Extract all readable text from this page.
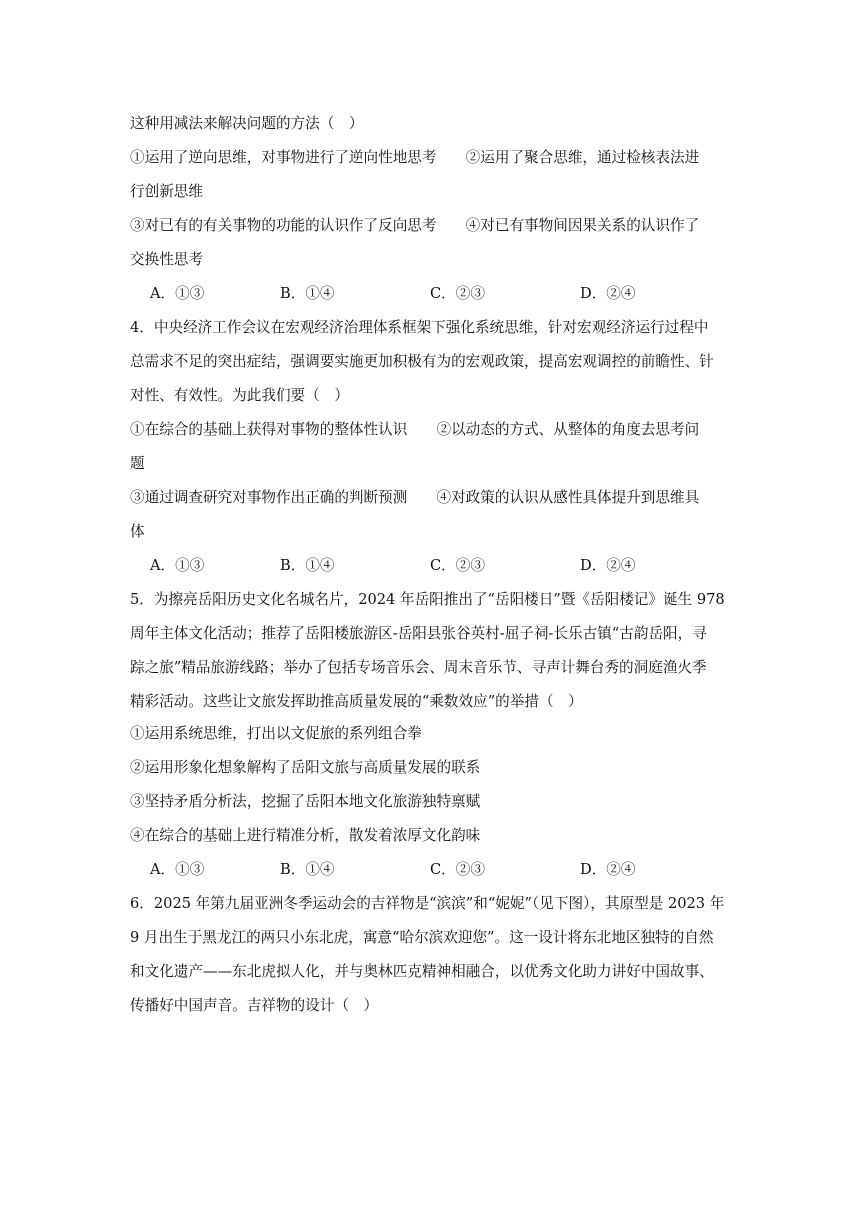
这种用减法来解决问题的方法（　）
①运用了逆向思维，对事物进行了逆向性地思考　　②运用了聚合思维，通过检核表法进
行创新思维
③对已有的有关事物的功能的认识作了反向思考　　④对已有事物间因果关系的认识作了
交换性思考
A．①③	B．①④	C．②③	D．②④
4．中央经济工作会议在宏观经济治理体系框架下强化系统思维，针对宏观经济运行过程中
总需求不足的突出症结，强调要实施更加积极有为的宏观政策，提高宏观调控的前瞻性、针
对性、有效性。为此我们要（　）
①在综合的基础上获得对事物的整体性认识　　②以动态的方式、从整体的角度去思考问
题
③通过调查研究对事物作出正确的判断预测　　④对政策的认识从感性具体提升到思维具
体
A．①③	B．①④	C．②③	D．②④
5．为擦亮岳阳历史文化名城名片，2024 年岳阳推出了“岳阳楼日”暨《岳阳楼记》诞生 978
周年主体文化活动；推荐了岳阳楼旅游区-岳阳县张谷英村-屈子祠-长乐古镇“古韵岳阳，寻
踪之旅”精品旅游线路；举办了包括专场音乐会、周末音乐节、寻声计舞台秀的洞庭渔火季
精彩活动。这些让文旅发挥助推高质量发展的“乘数效应”的举措（　）
①运用系统思维，打出以文促旅的系列组合拳
②运用形象化想象解构了岳阳文旅与高质量发展的联系
③坚持矛盾分析法，挖掘了岳阳本地文化旅游独特禀赋
④在综合的基础上进行精准分析，散发着浓厚文化韵味
A．①③	B．①④	C．②③	D．②④
6．2025 年第九届亚洲冬季运动会的吉祥物是“滨滨”和“妮妮”（见下图），其原型是 2023 年
9 月出生于黑龙江的两只小东北虎，寓意“哈尔滨欢迎您”。这一设计将东北地区独特的自然
和文化遗产——东北虎拟人化，并与奥林匹克精神相融合，以优秀文化助力讲好中国故事、
传播好中国声音。吉祥物的设计（　）
